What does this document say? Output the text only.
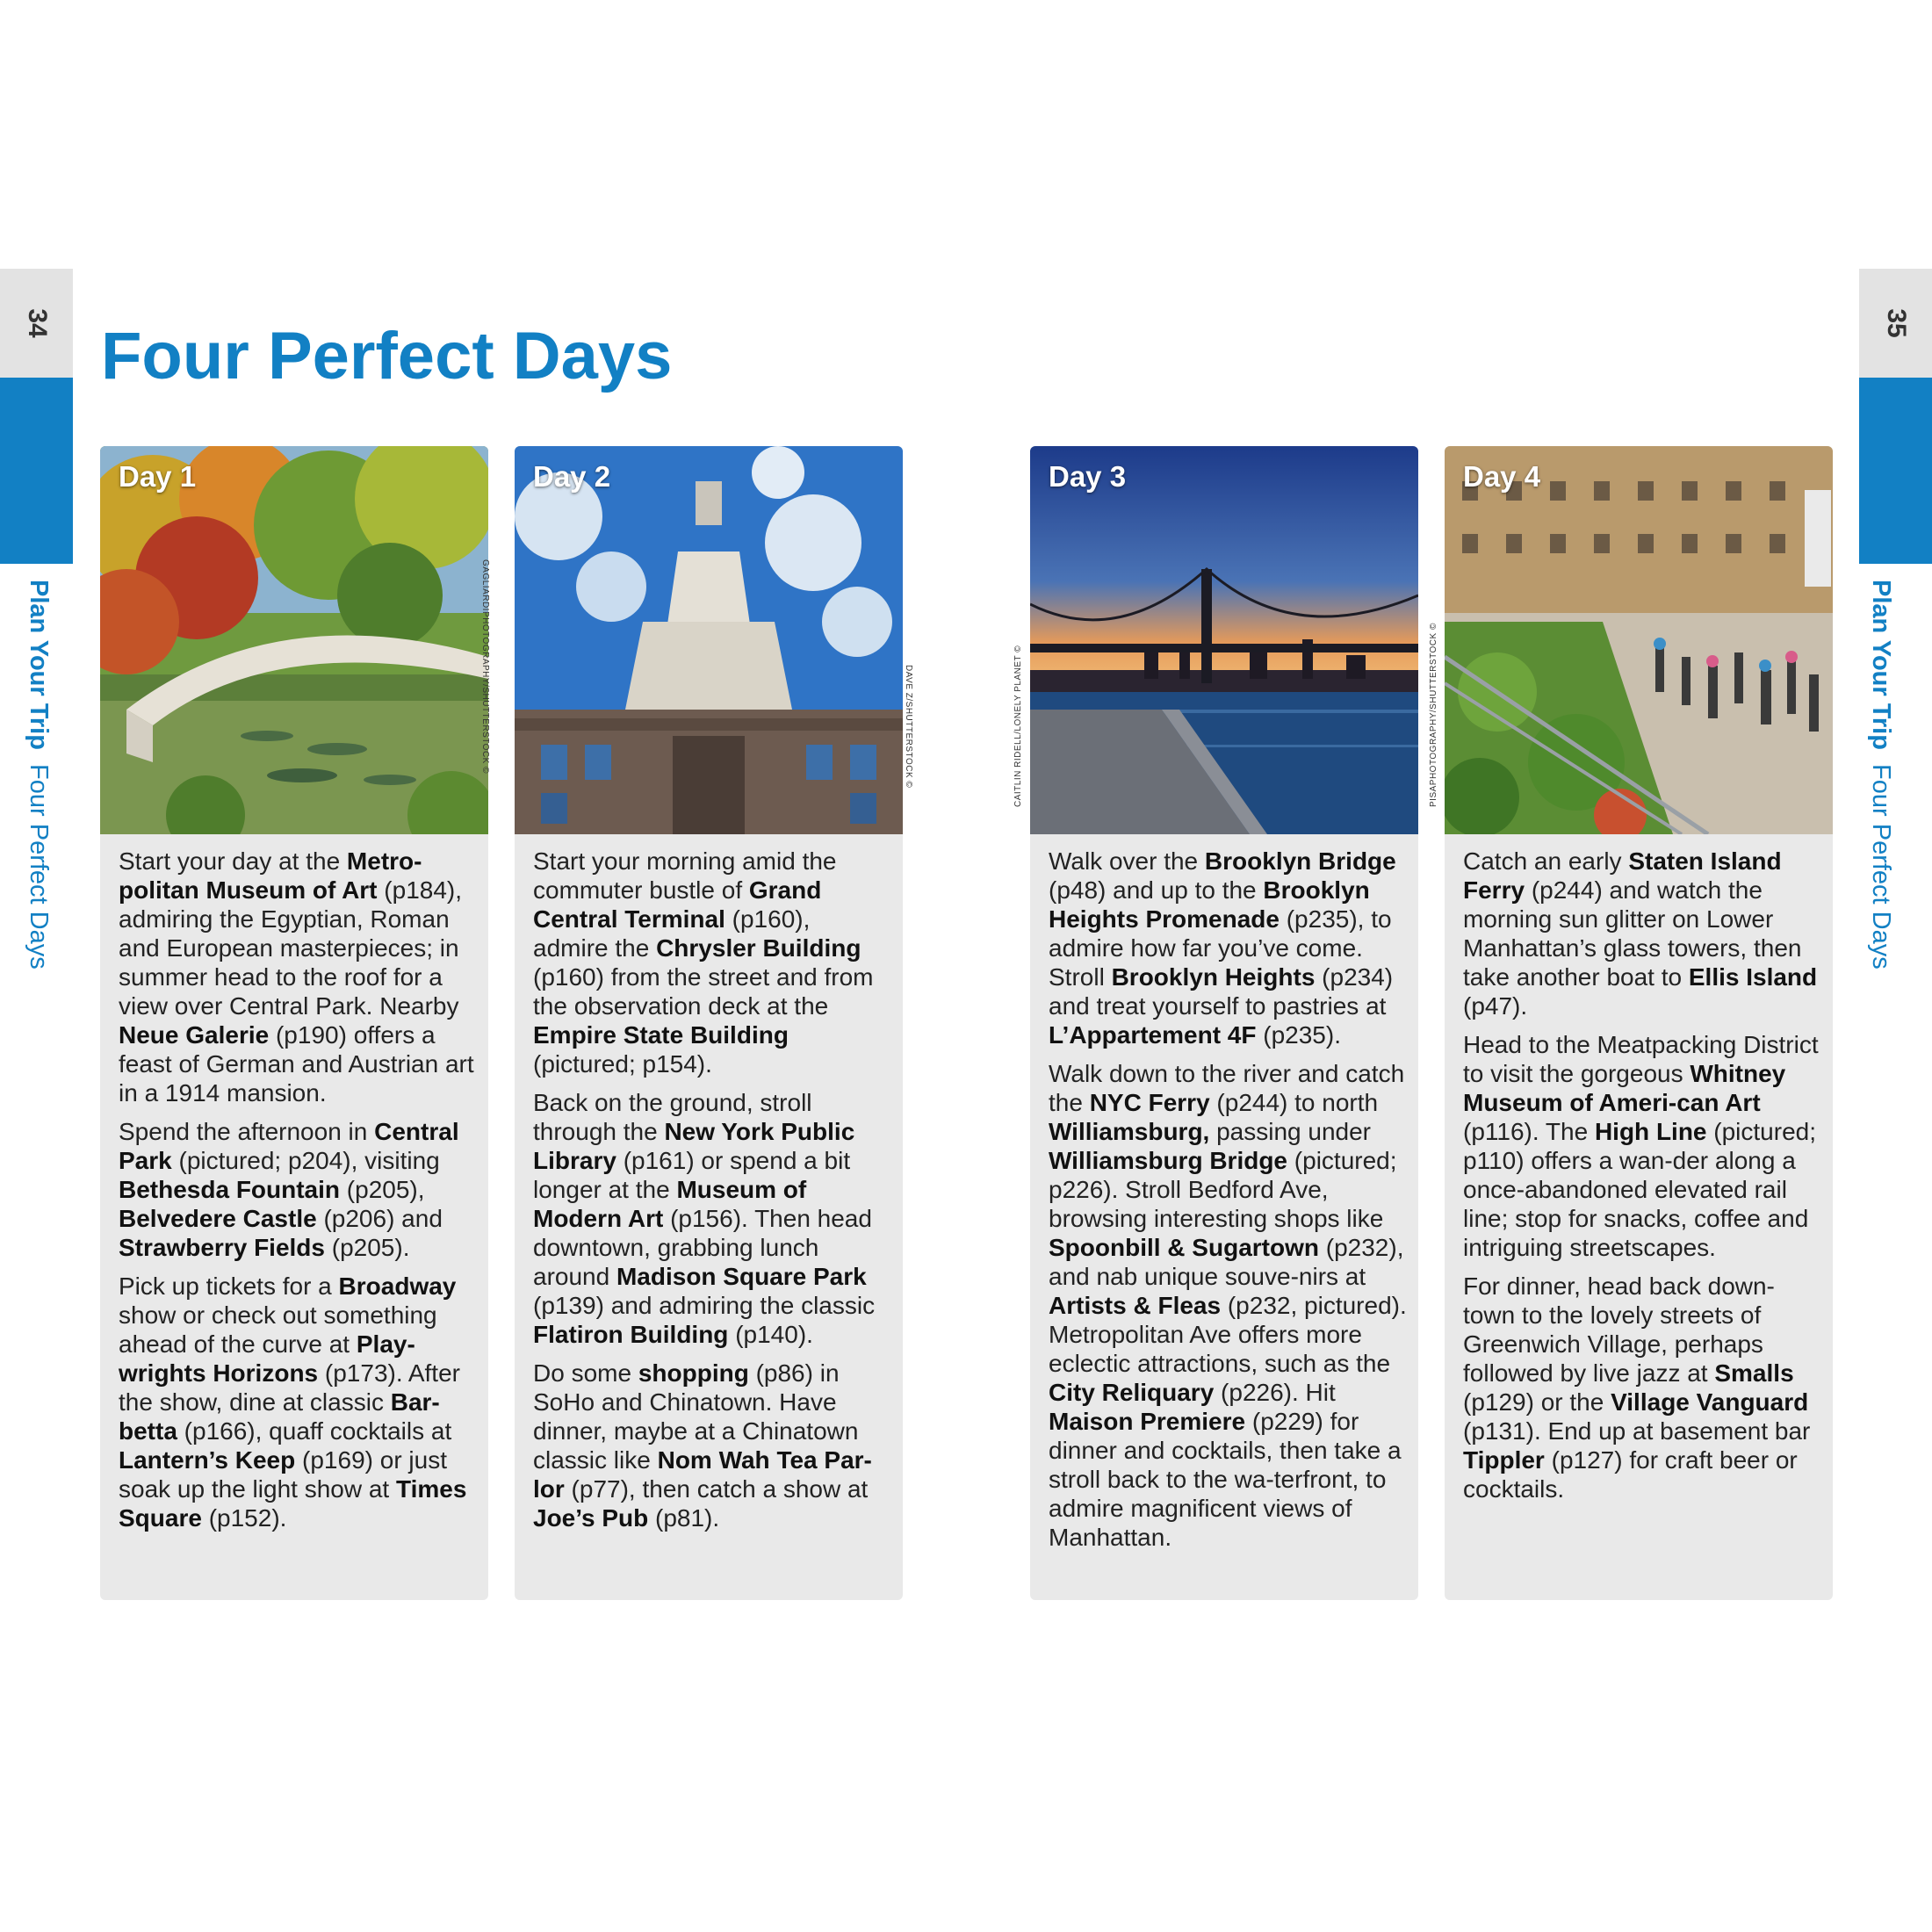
34	35
Plan Your Trip  Four Perfect Days
Plan Your Trip  Four Perfect Days
Four Perfect Days
Day 1

Start your day at the Metro-politan Museum of Art (p184), admiring the Egyptian, Roman and European masterpieces; in summer head to the roof for a view over Central Park. Nearby Neue Galerie (p190) offers a feast of German and Austrian art in a 1914 mansion.

Spend the afternoon in Central Park (pictured; p204), visiting Bethesda Fountain (p205), Belvedere Castle (p206) and Strawberry Fields (p205).

Pick up tickets for a Broadway show or check out something ahead of the curve at Play-wrights Horizons (p173). After the show, dine at classic Bar-betta (p166), quaff cocktails at Lantern’s Keep (p169) or just soak up the light show at Times Square (p152).

GAGLIARDIPHOTOGRAPHY/SHUTTERSTOCK ©
Day 2

Start your morning amid the commuter bustle of Grand Central Terminal (p160), admire the Chrysler Building (p160) from the street and from the observation deck at the Empire State Building (pictured; p154).

Back on the ground, stroll through the New York Public Library (p161) or spend a bit longer at the Museum of Modern Art (p156). Then head downtown, grabbing lunch around Madison Square Park (p139) and admiring the classic Flatiron Building (p140).

Do some shopping (p86) in SoHo and Chinatown. Have dinner, maybe at a Chinatown classic like Nom Wah Tea Par-lor (p77), then catch a show at Joe’s Pub (p81).

DAVE Z/SHUTTERSTOCK ©
Day 3

Walk over the Brooklyn Bridge (p48) and up to the Brooklyn Heights Promenade (p235), to admire how far you’ve come. Stroll Brooklyn Heights (p234) and treat yourself to pastries at L’Appartement 4F (p235).

Walk down to the river and catch the NYC Ferry (p244) to north Williamsburg, passing under Williamsburg Bridge (pictured; p226). Stroll Bedford Ave, browsing interesting shops like Spoonbill & Sugartown (p232), and nab unique souve-nirs at Artists & Fleas (p232, pictured). Metropolitan Ave offers more eclectic attractions, such as the City Reliquary (p226). Hit Maison Premiere (p229) for dinner and cocktails, then take a stroll back to the wa-terfront, to admire magnificent views of Manhattan.

CAITLIN RIDELL/LONELY PLANET ©
Day 4

Catch an early Staten Island Ferry (p244) and watch the morning sun glitter on Lower Manhattan’s glass towers, then take another boat to Ellis Island (p47).

Head to the Meatpacking District to visit the gorgeous Whitney Museum of Ameri-can Art (p116). The High Line (pictured; p110) offers a wan-der along a once-abandoned elevated rail line; stop for snacks, coffee and intriguing streetscapes.

For dinner, head back down-town to the lovely streets of Greenwich Village, perhaps followed by live jazz at Smalls (p129) or the Village Vanguard (p131). End up at basement bar Tippler (p127) for craft beer or cocktails.

PISAPHOTOGRAPHY/SHUTTERSTOCK ©
